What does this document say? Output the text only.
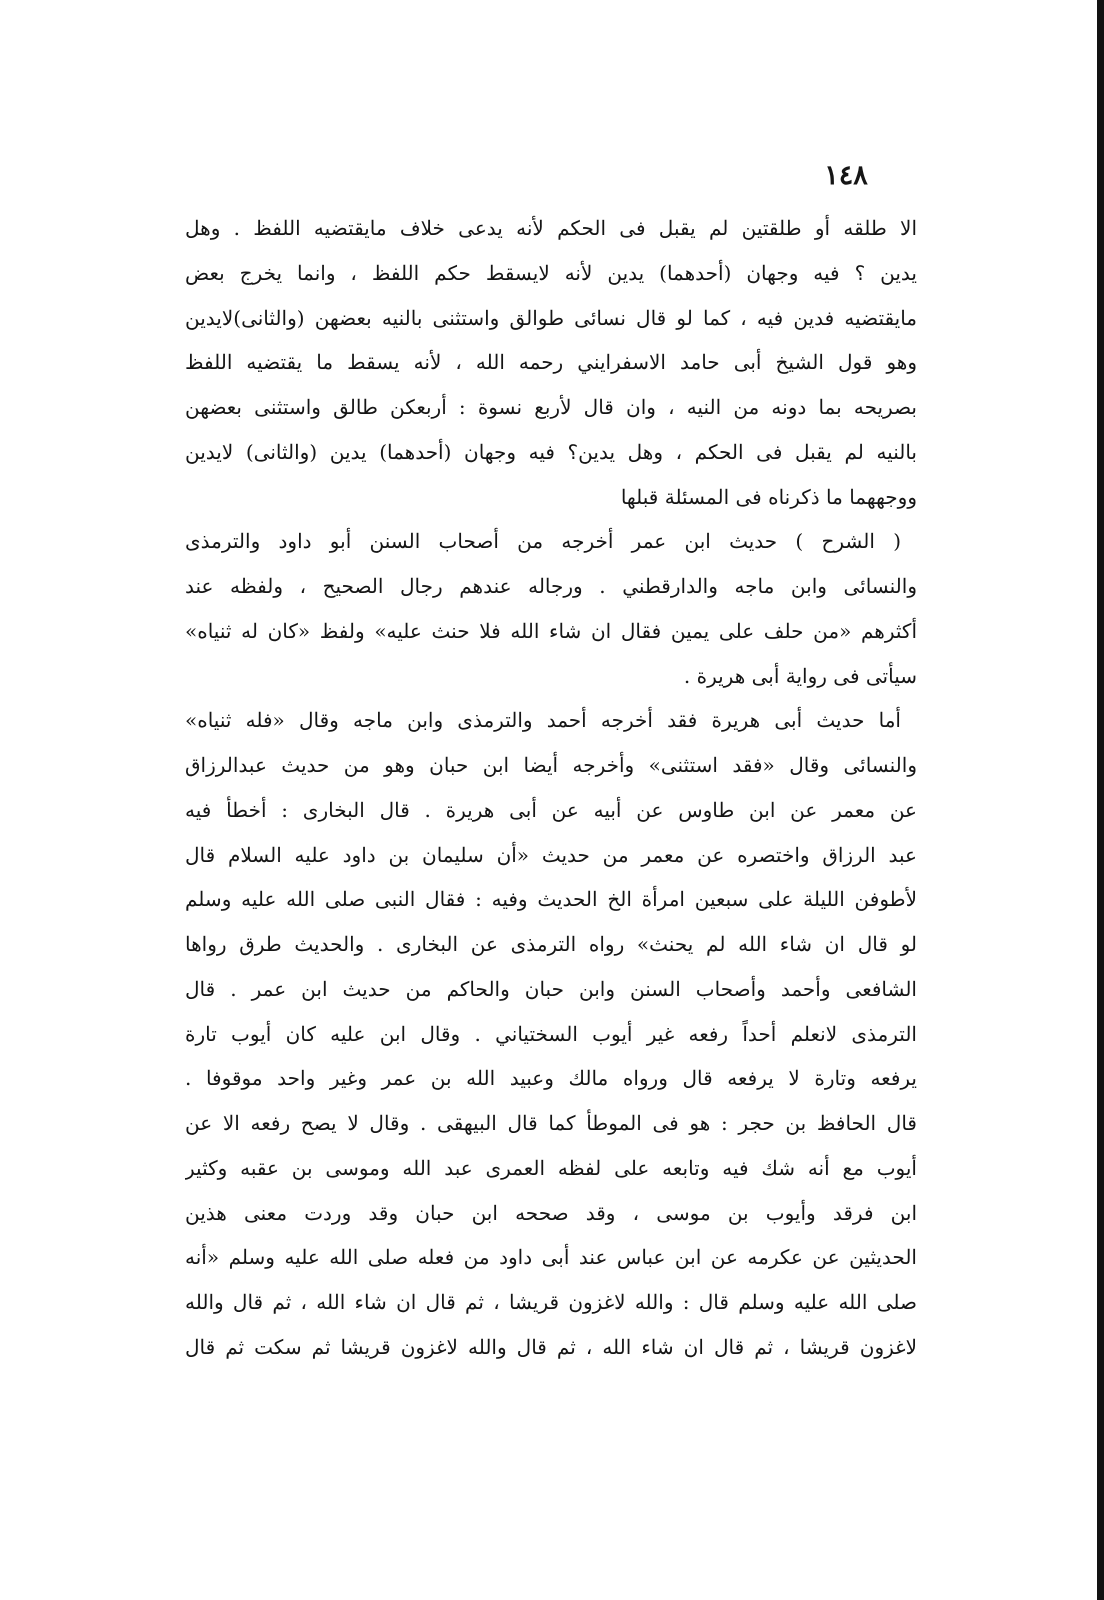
١٤٨
الا طلقه أو طلقتين لم يقبل فى الحكم لأنه يدعى خلاف مايقتضيه اللفظ . وهل
يدين ؟ فيه وجهان (أحدهما) يدين لأنه لايسقط حكم اللفظ ، وانما يخرج بعض
مايقتضيه فدين فيه ، كما لو قال نسائى طوالق واستثنى بالنيه بعضهن (والثانى)لايدين
وهو قول الشيخ أبى حامد الاسفرايني رحمه الله ، لأنه يسقط ما يقتضيه اللفظ
بصريحه بما دونه من النيه ، وان قال لأربع نسوة : أربعكن طالق واستثنى بعضهن
بالنيه لم يقبل فى الحكم ، وهل يدين؟ فيه وجهان (أحدهما) يدين (والثانى) لايدين
ووجههما ما ذكرناه فى المسئلة قبلها
( الشرح ) حديث ابن عمر أخرجه من أصحاب السنن أبو داود والترمذى
والنسائى وابن ماجه والدارقطني . ورجاله عندهم رجال الصحيح ، ولفظه عند
أكثرهم «من حلف على يمين فقال ان شاء الله فلا حنث عليه» ولفظ «كان له ثنياه»
سيأتى فى رواية أبى هريرة .
أما حديث أبى هريرة فقد أخرجه أحمد والترمذى وابن ماجه وقال «فله ثنياه»
والنسائى وقال «فقد استثنى» وأخرجه أيضا ابن حبان وهو من حديث عبدالرزاق
عن معمر عن ابن طاوس عن أبيه عن أبى هريرة . قال البخارى : أخطأ فيه
عبد الرزاق واختصره عن معمر من حديث «أن سليمان بن داود عليه السلام قال
لأطوفن الليلة على سبعين امرأة الخ الحديث وفيه : فقال النبى صلى الله عليه وسلم
لو قال ان شاء الله لم يحنث» رواه الترمذى عن البخارى . والحديث طرق رواها
الشافعى وأحمد وأصحاب السنن وابن حبان والحاكم من حديث ابن عمر . قال
الترمذى لانعلم أحداً رفعه غير أيوب السختياني . وقال ابن عليه كان أيوب تارة
يرفعه وتارة لا يرفعه قال ورواه مالك وعبيد الله بن عمر وغير واحد موقوفا .
قال الحافظ بن حجر : هو فى الموطأ كما قال البيهقى . وقال لا يصح رفعه الا عن
أيوب مع أنه شك فيه وتابعه على لفظه العمرى عبد الله وموسى بن عقبه وكثير
ابن فرقد وأيوب بن موسى ، وقد صححه ابن حبان وقد وردت معنى هذين
الحديثين عن عكرمه عن ابن عباس عند أبى داود من فعله صلى الله عليه وسلم «أنه
صلى الله عليه وسلم قال : والله لاغزون قريشا ، ثم قال ان شاء الله ، ثم قال والله
لاغزون قريشا ، ثم قال ان شاء الله ، ثم قال والله لاغزون قريشا ثم سكت ثم قال
